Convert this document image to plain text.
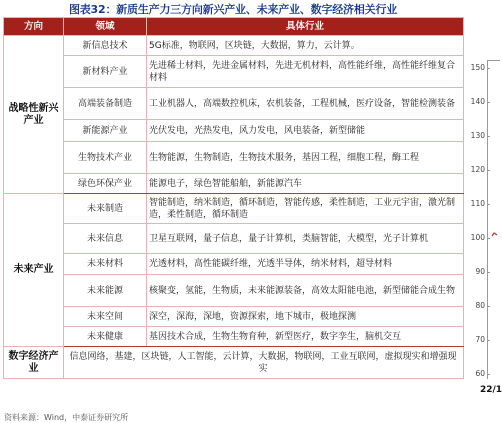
图表32：新质生产力三方向新兴产业、未来产业、数字经济相关行业
方向	领域	具体行业
战略性新兴产业	新信息技术	5G标准，物联网，区块链，大数据，算力，云计算。
	新材料产业	先进稀土材料，先进金属材料，先进无机材料，高性能纤维，高性能纤维复合材料
	高端装备制造	工业机器人，高端数控机床，农机装备，工程机械，医疗设备，智能检测装备
	新能源产业	光伏发电，光热发电，风力发电，风电装备，新型储能
	生物技术产业	生物能源，生物制造，生物技术服务，基因工程，细胞工程，酶工程
	绿色环保产业	能源电子，绿色智能船舶，新能源汽车
未来产业	未来制造	智能制造，纳米制造，循环制造，智能传感，柔性制造，工业元宇宙，激光制造，柔性制造，循环制造
	未来信息	卫星互联网，量子信息，量子计算机，类脑智能，大模型，光子计算机
	未来材料	光透材料，高性能碳纤维，光透半导体，纳米材料，超导材料
	未来能源	核聚变，氢能，生物质，未来能源装备，高效太阳能电池，新型储能合成生物
	未来空间	深空，深海，深地，资源探索，地下城市，极地探测
	未来健康	基因技术合成，生物生物育种，新型医疗，数字孪生，脑机交互
数字经济产业	信息网络，基建，区块链，人工智能，云计算，大数据，物联网，工业互联网，虚拟现实和增强现实	
150
140
130
120
110
100
90
80
70
60
22/1
资料来源：Wind，中泰证券研究所
